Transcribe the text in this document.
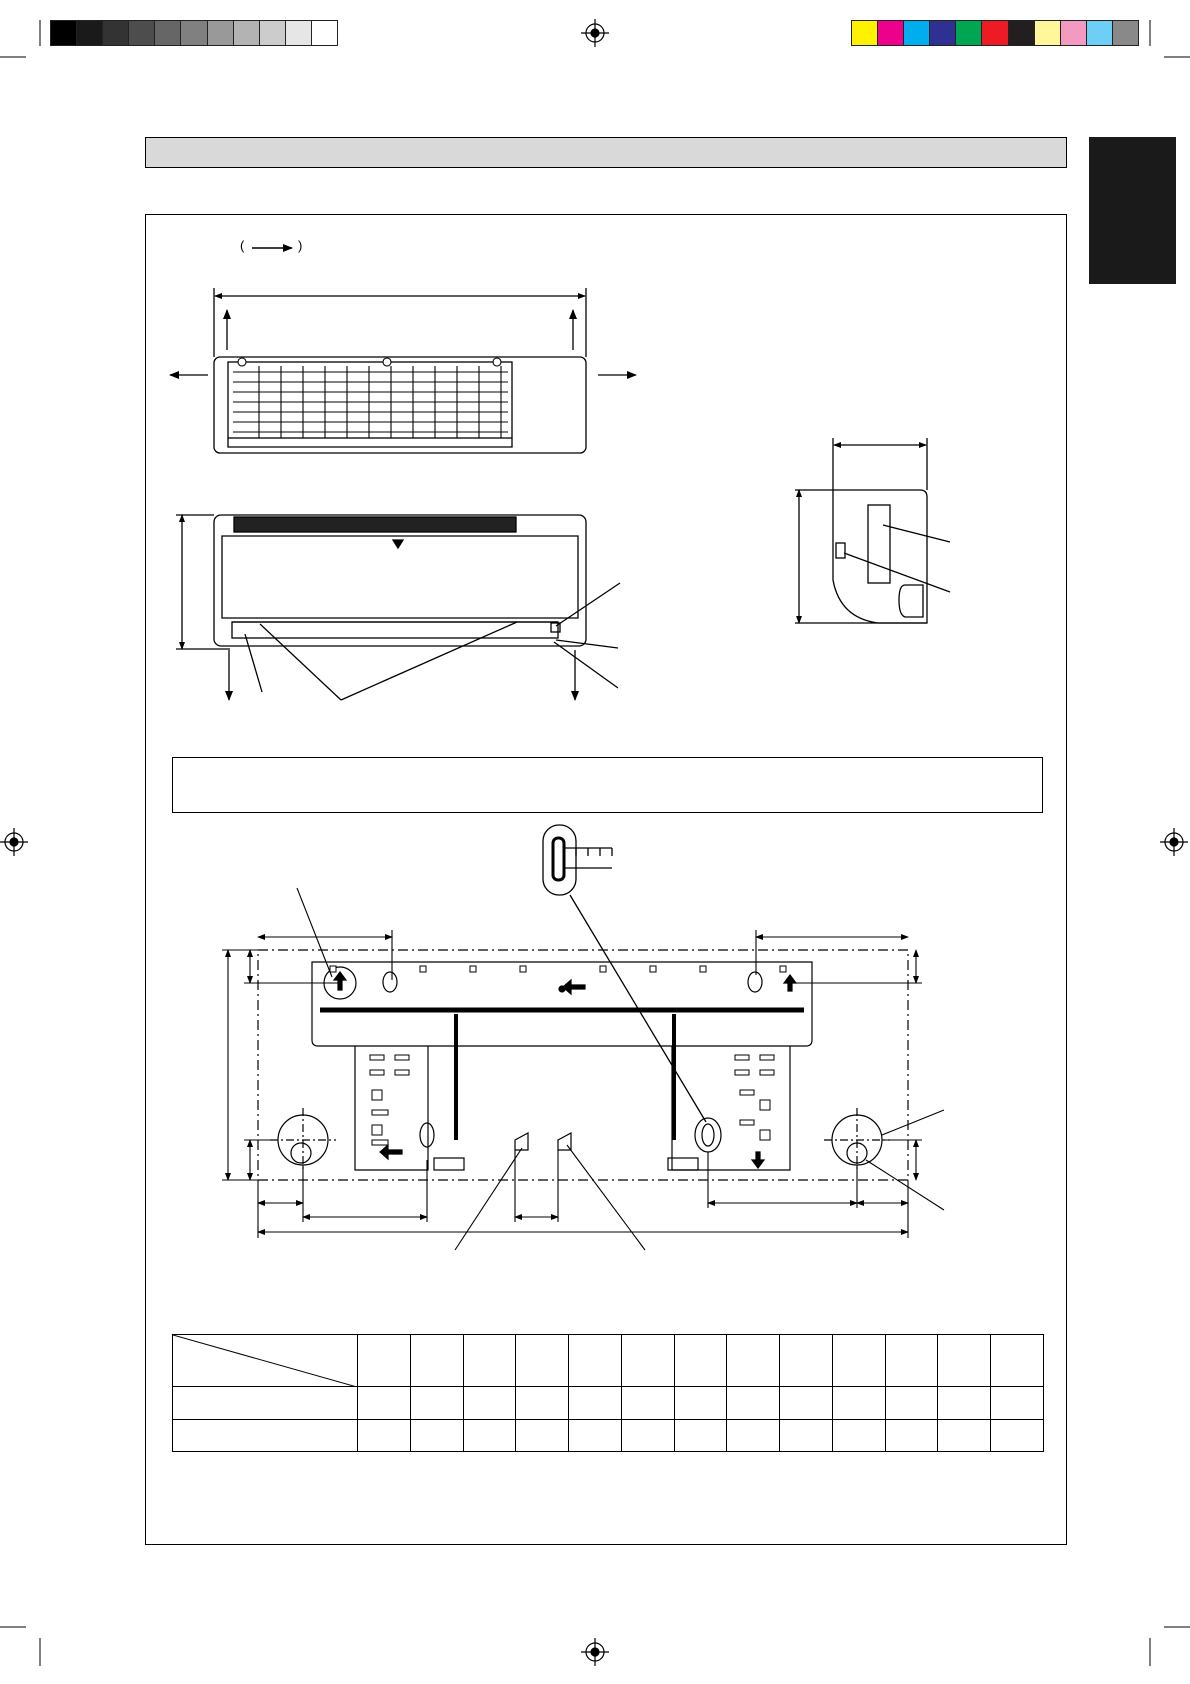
(	)
